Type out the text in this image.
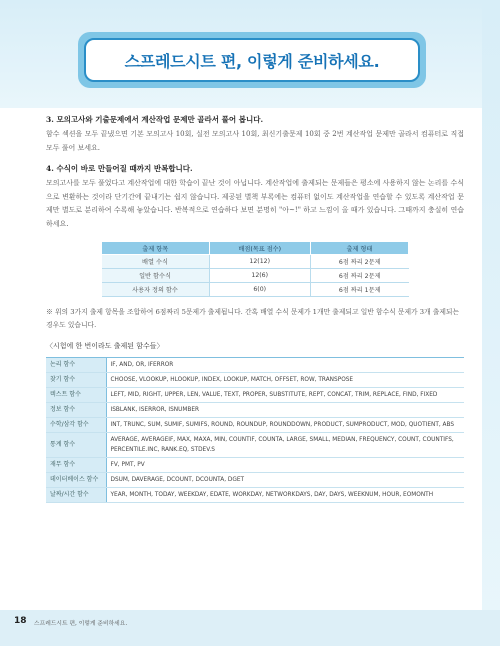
스프레드시트 편, 이렇게 준비하세요.
3. 모의고사와 기출문제에서 계산작업 문제만 골라서 풀어 봅니다.
함수 섹션을 모두 끝냈으면 기본 모의고사 10회, 실전 모의고사 10회, 최신기출문제 10회 중 2번 계산작업 문제만 골라서 컴퓨터로 직접 모두 풀어 보세요.
4. 수식이 바로 만들어질 때까지 반복합니다.
모의고사를 모두 풀었다고 계산작업에 대한 학습이 끝난 것이 아닙니다. 계산작업에 출제되는 문제들은 평소에 사용하지 않는 논리를 수식으로 변환하는 것이라 단기간에 끝내기는 쉽지 않습니다. 제공된 별책 부록에는 컴퓨터 없이도 계산작업을 연습할 수 있도록 계산작업 문제만 별도로 분리하여 수록해 놓았습니다. 반복적으로 연습하다 보면 분명히 "아~!" 하고 느낌이 올 때가 있습니다. 그때까지 충실히 연습하세요.
출제 항목	배점(목표 점수)	출제 형태
배열 수식	12(12)	6점 짜리 2문제
일반 함수식	12(6)	6점 짜리 2문제
사용자 정의 함수	6(0)	6점 짜리 1문제
※ 위의 3가지 출제 항목을 조합하여 6점짜리 5문제가 출제됩니다. 간혹 배열 수식 문제가 1개만 출제되고 일반 함수식 문제가 3개 출제되는 경우도 있습니다.
〈시험에 한 번이라도 출제된 함수들〉
논리 함수	IF, AND, OR, IFERROR
찾기 함수	CHOOSE, VLOOKUP, HLOOKUP, INDEX, LOOKUP, MATCH, OFFSET, ROW, TRANSPOSE
텍스트 함수	LEFT, MID, RIGHT, UPPER, LEN, VALUE, TEXT, PROPER, SUBSTITUTE, REPT, CONCAT, TRIM, REPLACE, FIND, FIXED
정보 함수	ISBLANK, ISERROR, ISNUMBER
수학/삼각 함수	INT, TRUNC, SUM, SUMIF, SUMIFS, ROUND, ROUNDUP, ROUNDDOWN, PRODUCT, SUMPRODUCT, MOD, QUOTIENT, ABS
통계 함수	AVERAGE, AVERAGEIF, MAX, MAXA, MIN, COUNTIF, COUNTA, LARGE, SMALL, MEDIAN, FREQUENCY, COUNT, COUNTIFS, PERCENTILE.INC, RANK.EQ, STDEV.S
재무 함수	FV, PMT, PV
데이터베이스 함수	DSUM, DAVERAGE, DCOUNT, DCOUNTA, DGET
날짜/시간 함수	YEAR, MONTH, TODAY, WEEKDAY, EDATE, WORKDAY, NETWORKDAYS, DAY, DAYS, WEEKNUM, HOUR, EOMONTH
18 스프레드시트 편, 이렇게 준비하세요.
